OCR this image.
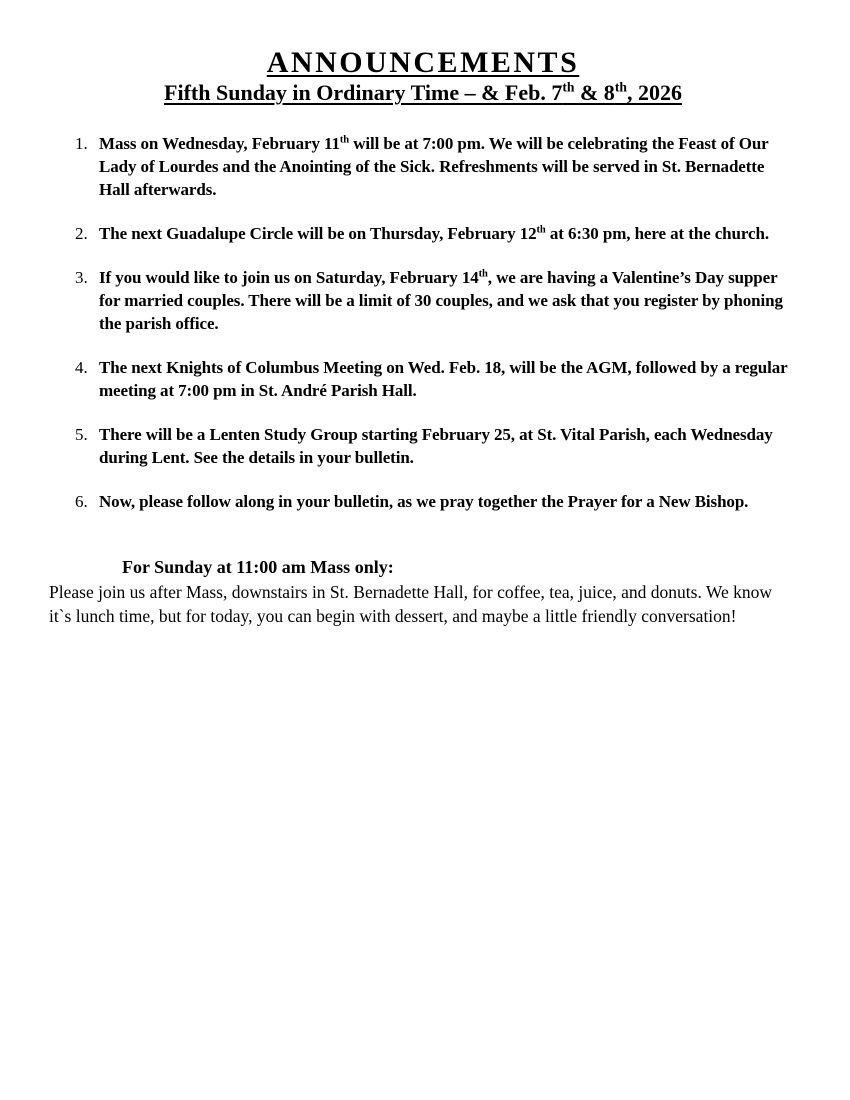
ANNOUNCEMENTS
Fifth Sunday in Ordinary Time – & Feb. 7th & 8th, 2026
1. Mass on Wednesday, February 11th will be at 7:00 pm. We will be celebrating the Feast of Our Lady of Lourdes and the Anointing of the Sick. Refreshments will be served in St. Bernadette Hall afterwards.
2. The next Guadalupe Circle will be on Thursday, February 12th at 6:30 pm, here at the church.
3. If you would like to join us on Saturday, February 14th, we are having a Valentine’s Day supper for married couples. There will be a limit of 30 couples, and we ask that you register by phoning the parish office.
4. The next Knights of Columbus Meeting on Wed. Feb. 18, will be the AGM, followed by a regular meeting at 7:00 pm in St. André Parish Hall.
5. There will be a Lenten Study Group starting February 25, at St. Vital Parish, each Wednesday during Lent. See the details in your bulletin.
6. Now, please follow along in your bulletin, as we pray together the Prayer for a New Bishop.

For Sunday at 11:00 am Mass only:

Please join us after Mass, downstairs in St. Bernadette Hall, for coffee, tea, juice, and donuts. We know it`s lunch time, but for today, you can begin with dessert, and maybe a little friendly conversation!
